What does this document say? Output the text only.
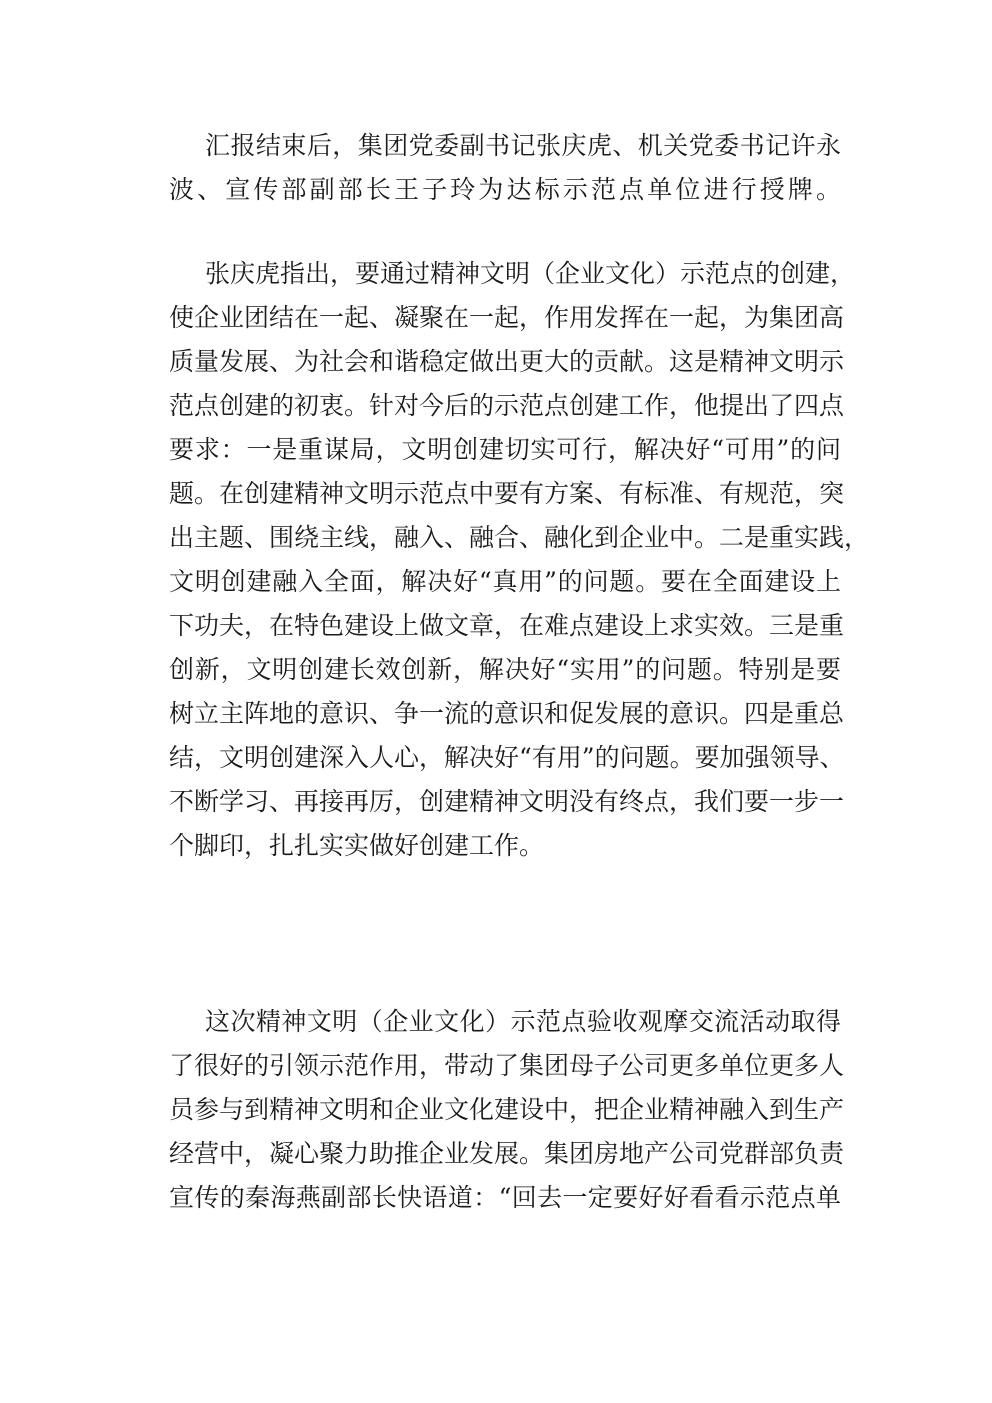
汇报结束后，集团党委副书记张庆虎、机关党委书记许永
波、宣传部副部长王子玲为达标示范点单位进行授牌。
张庆虎指出，要通过精神文明（企业文化）示范点的创建，
使企业团结在一起、凝聚在一起，作用发挥在一起，为集团高
质量发展、为社会和谐稳定做出更大的贡献。这是精神文明示
范点创建的初衷。针对今后的示范点创建工作，他提出了四点
要求：一是重谋局，文明创建切实可行，解决好“可用”的问
题。在创建精神文明示范点中要有方案、有标准、有规范，突
出主题、围绕主线，融入、融合、融化到企业中。二是重实践，
文明创建融入全面，解决好“真用”的问题。要在全面建设上
下功夫，在特色建设上做文章，在难点建设上求实效。三是重
创新，文明创建长效创新，解决好“实用”的问题。特别是要
树立主阵地的意识、争一流的意识和促发展的意识。四是重总
结，文明创建深入人心，解决好“有用”的问题。要加强领导、
不断学习、再接再厉，创建精神文明没有终点，我们要一步一
个脚印，扎扎实实做好创建工作。
这次精神文明（企业文化）示范点验收观摩交流活动取得
了很好的引领示范作用，带动了集团母子公司更多单位更多人
员参与到精神文明和企业文化建设中，把企业精神融入到生产
经营中，凝心聚力助推企业发展。集团房地产公司党群部负责
宣传的秦海燕副部长快语道：“回去一定要好好看看示范点单
